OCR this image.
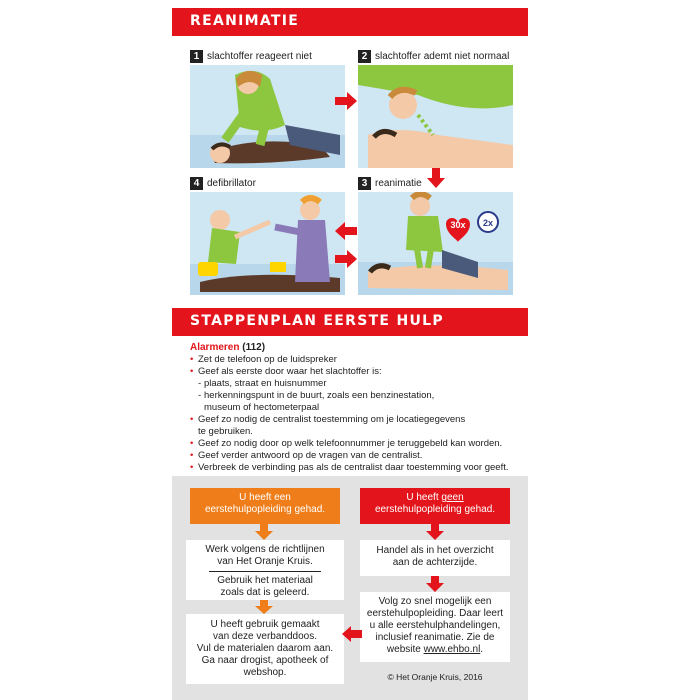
REANIMATIE
1 slachtoffer reageert niet	2 slachtoffer ademt niet normaal
4 defibrillator	3 reanimatie
30x 2x
STAPPENPLAN EERSTE HULP
Alarmeren (112)
• Zet de telefoon op de luidspreker
• Geef als eerste door waar het slachtoffer is:
- plaats, straat en huisnummer
- herkenningspunt in de buurt, zoals een benzinestation,
museum of hectometerpaal
• Geef zo nodig de centralist toestemming om je locatiegegevens
te gebruiken.
• Geef zo nodig door op welk telefoonnummer je teruggebeld kan worden.
• Geef verder antwoord op de vragen van de centralist.
• Verbreek de verbinding pas als de centralist daar toestemming voor geeft.
U heeft een
eerstehulpopleiding gehad.
U heeft geen
eerstehulpopleiding gehad.
Werk volgens de richtlijnen
van Het Oranje Kruis.
Gebruik het materiaal
zoals dat is geleerd.
U heeft gebruik gemaakt
van deze verbanddoos.
Vul de materialen daarom aan.
Ga naar drogist, apotheek of
webshop.
Handel als in het overzicht
aan de achterzijde.
Volg zo snel mogelijk een
eerstehulpopleiding. Daar leert
u alle eerstehulphandelingen,
inclusief reanimatie. Zie de
website www.ehbo.nl.
© Het Oranje Kruis, 2016
